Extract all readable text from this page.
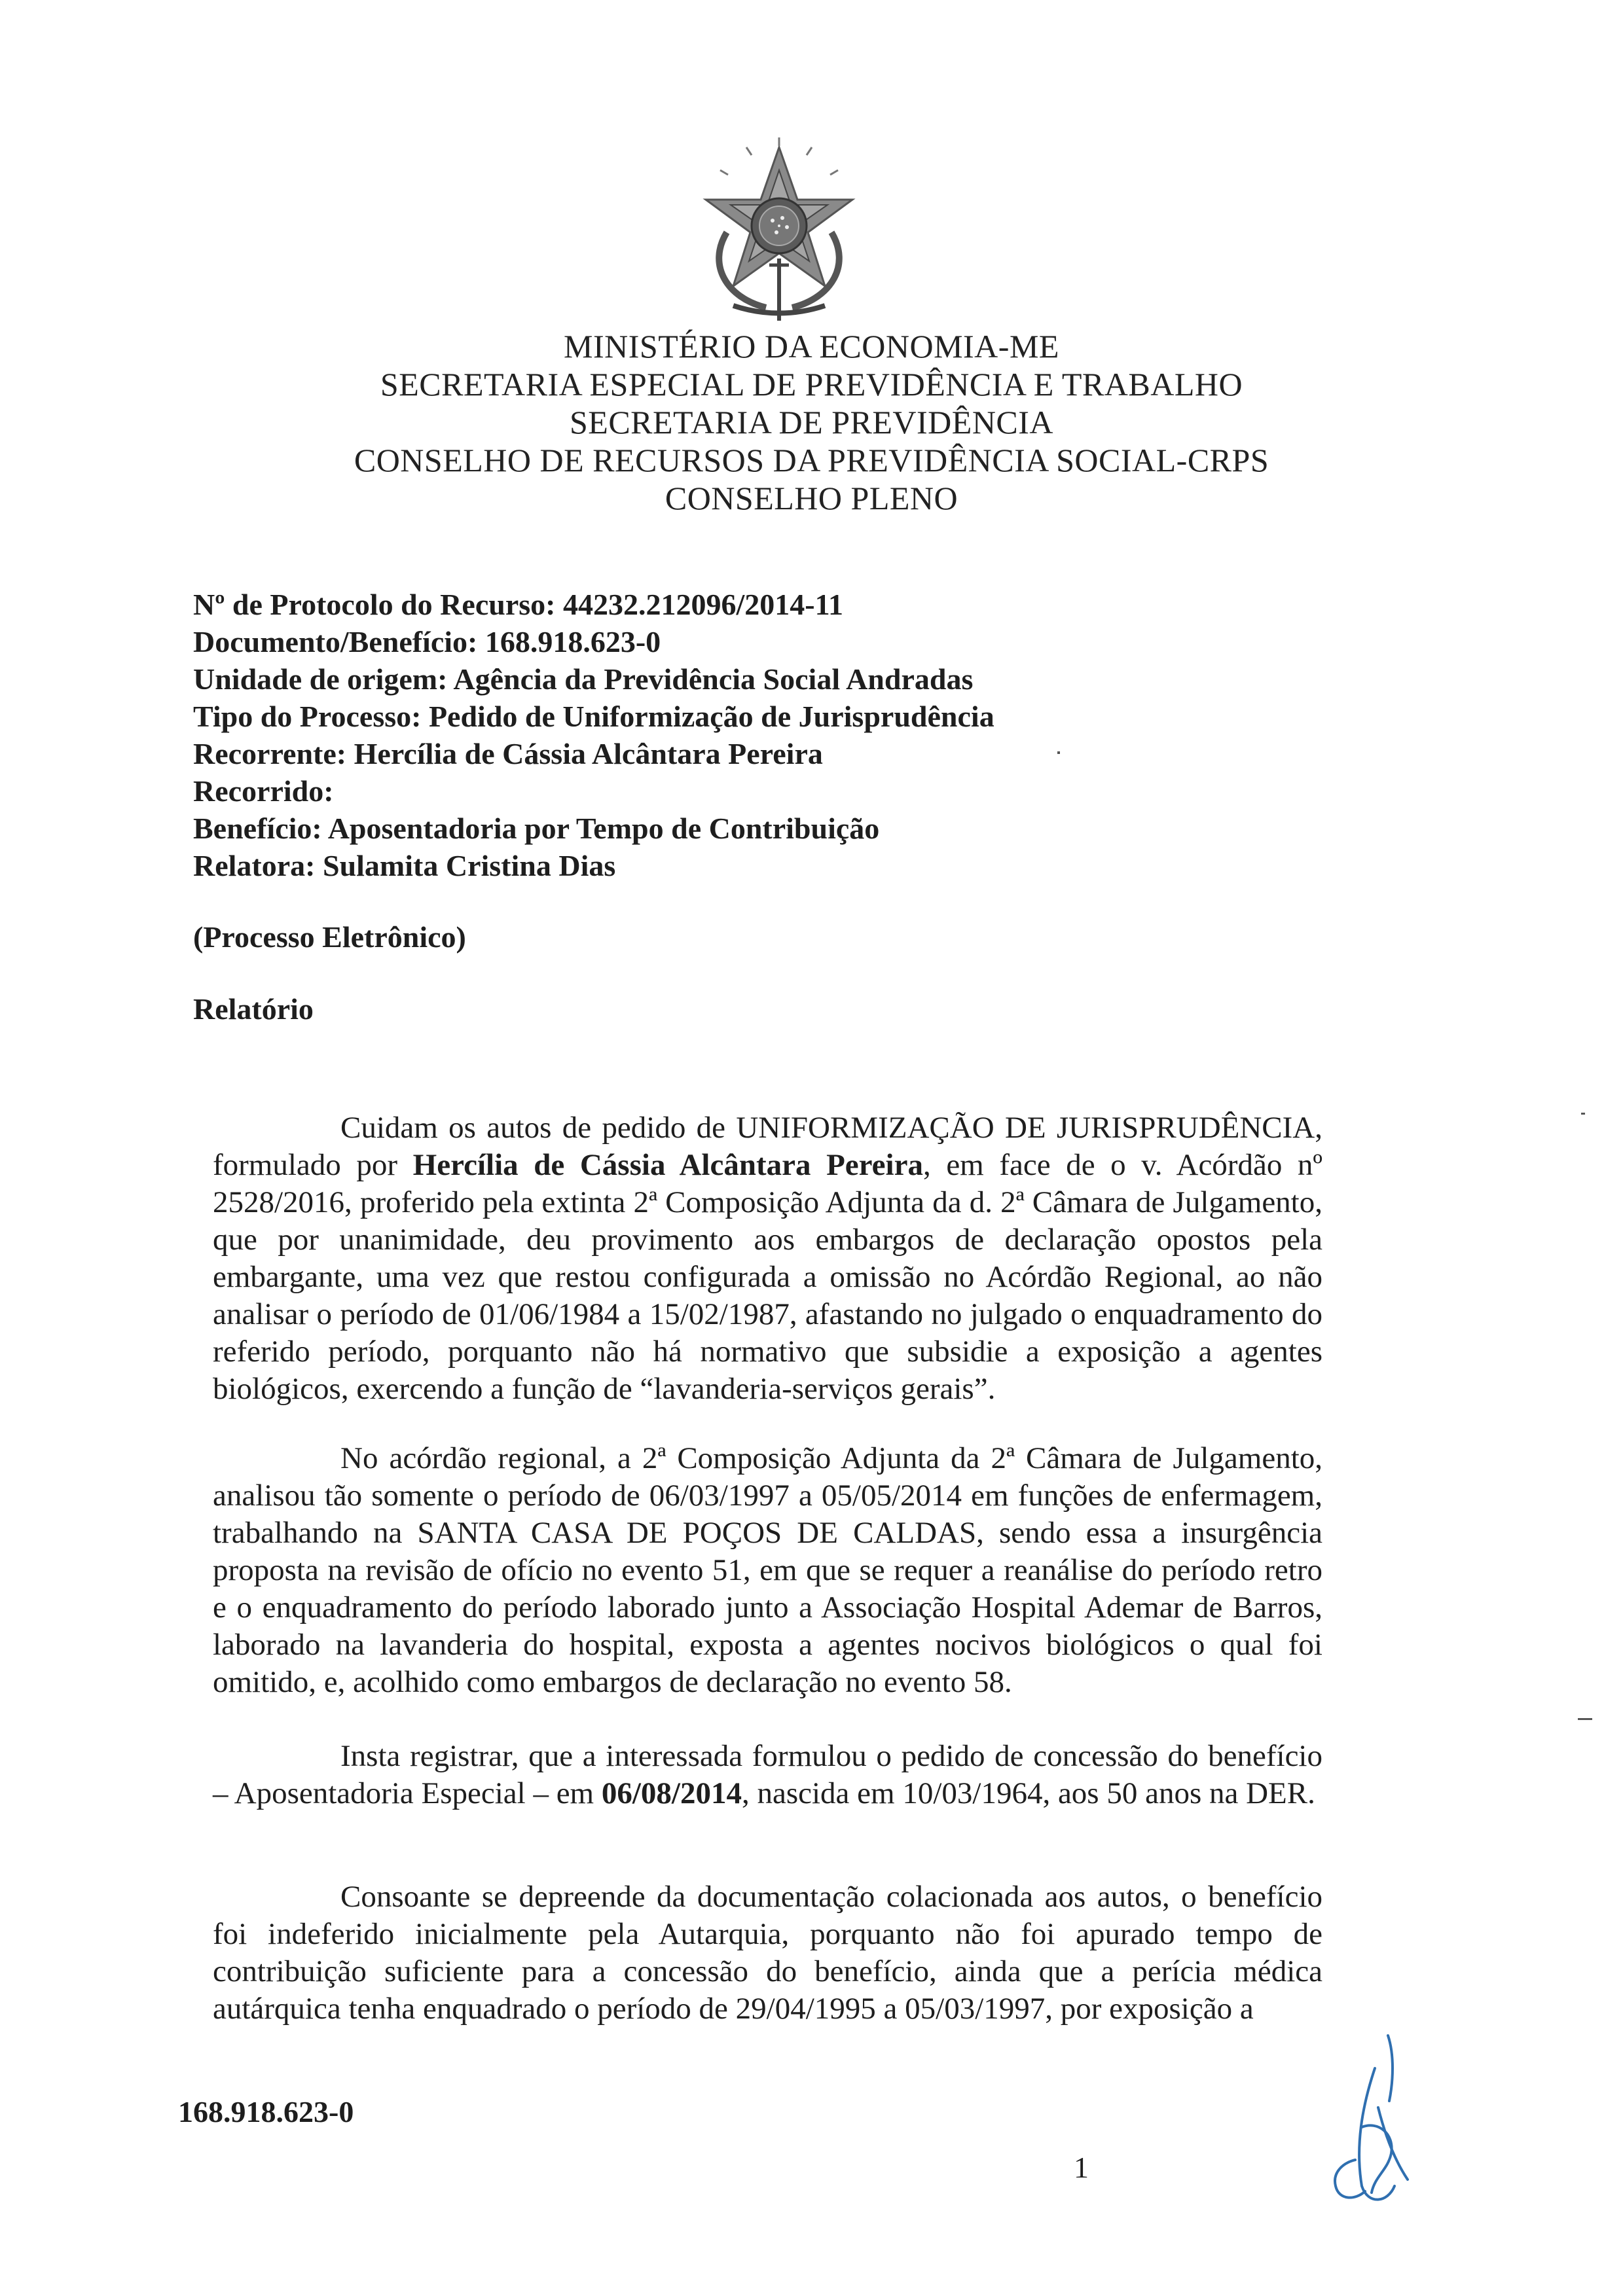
MINISTÉRIO DA ECONOMIA-ME
SECRETARIA ESPECIAL DE PREVIDÊNCIA E TRABALHO
SECRETARIA DE PREVIDÊNCIA
CONSELHO DE RECURSOS DA PREVIDÊNCIA SOCIAL-CRPS
CONSELHO PLENO
Nº de Protocolo do Recurso: 44232.212096/2014-11
Documento/Benefício: 168.918.623-0
Unidade de origem: Agência da Previdência Social Andradas
Tipo do Processo: Pedido de Uniformização de Jurisprudência
Recorrente: Hercília de Cássia Alcântara Pereira
Recorrido:
Benefício: Aposentadoria por Tempo de Contribuição
Relatora: Sulamita Cristina Dias
(Processo Eletrônico)
Relatório
Cuidam os autos de pedido de UNIFORMIZAÇÃO DE JURISPRUDÊNCIA, formulado por Hercília de Cássia Alcântara Pereira, em face de o v. Acórdão nº 2528/2016, proferido pela extinta 2ª Composição Adjunta da d. 2ª Câmara de Julgamento, que por unanimidade, deu provimento aos embargos de declaração opostos pela embargante, uma vez que restou configurada a omissão no Acórdão Regional, ao não analisar o período de 01/06/1984 a 15/02/1987, afastando no julgado o enquadramento do referido período, porquanto não há normativo que subsidie a exposição a agentes biológicos, exercendo a função de “lavanderia-serviços gerais”.
No acórdão regional, a 2ª Composição Adjunta da 2ª Câmara de Julgamento, analisou tão somente o período de 06/03/1997 a 05/05/2014 em funções de enfermagem, trabalhando na SANTA CASA DE POÇOS DE CALDAS, sendo essa a insurgência proposta na revisão de ofício no evento 51, em que se requer a reanálise do período retro e o enquadramento do período laborado junto a Associação Hospital Ademar de Barros, laborado na lavanderia do hospital, exposta a agentes nocivos biológicos o qual foi omitido, e, acolhido como embargos de declaração no evento 58.
Insta registrar, que a interessada formulou o pedido de concessão do benefício – Aposentadoria Especial – em 06/08/2014, nascida em 10/03/1964, aos 50 anos na DER.
Consoante se depreende da documentação colacionada aos autos, o benefício foi indeferido inicialmente pela Autarquia, porquanto não foi apurado tempo de contribuição suficiente para a concessão do benefício, ainda que a perícia médica autárquica tenha enquadrado o período de 29/04/1995 a 05/03/1997, por exposição a
168.918.623-0
1
